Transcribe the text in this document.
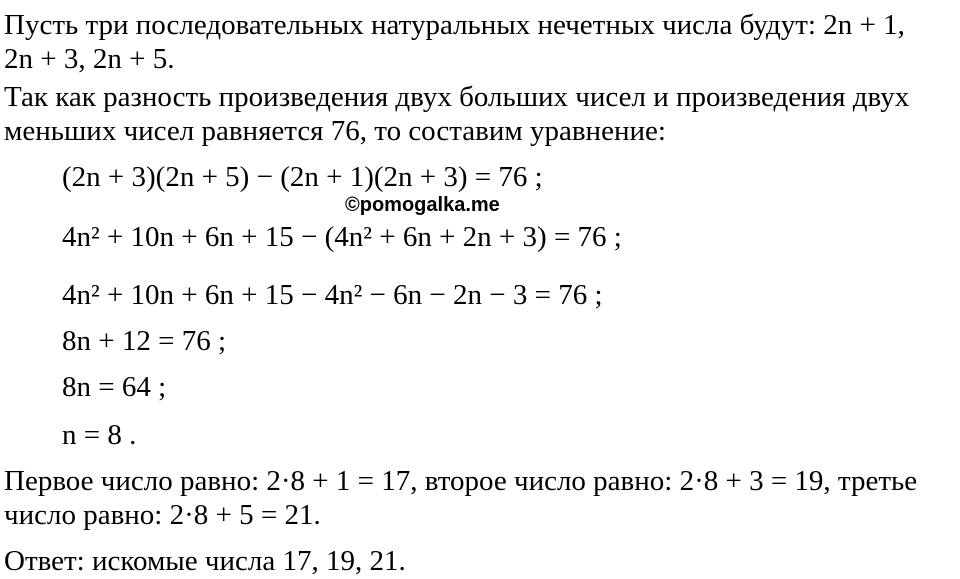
Пусть три последовательных натуральных нечетных числа будут: 2n + 1,
2n + 3, 2n + 5.

Так как разность произведения двух больших чисел и произведения двух
меньших чисел равняется 76, то составим уравнение:

(2n + 3)(2n + 5) − (2n + 1)(2n + 3) = 76 ;
©pomogalka.me
4n² + 10n + 6n + 15 − (4n² + 6n + 2n + 3) = 76 ;
4n² + 10n + 6n + 15 − 4n² − 6n − 2n − 3 = 76 ;
8n + 12 = 76 ;
8n = 64 ;
n = 8 .

Первое число равно: 2·8 + 1 = 17, второе число равно: 2·8 + 3 = 19, третье
число равно: 2·8 + 5 = 21.

Ответ: искомые числа 17, 19, 21.
